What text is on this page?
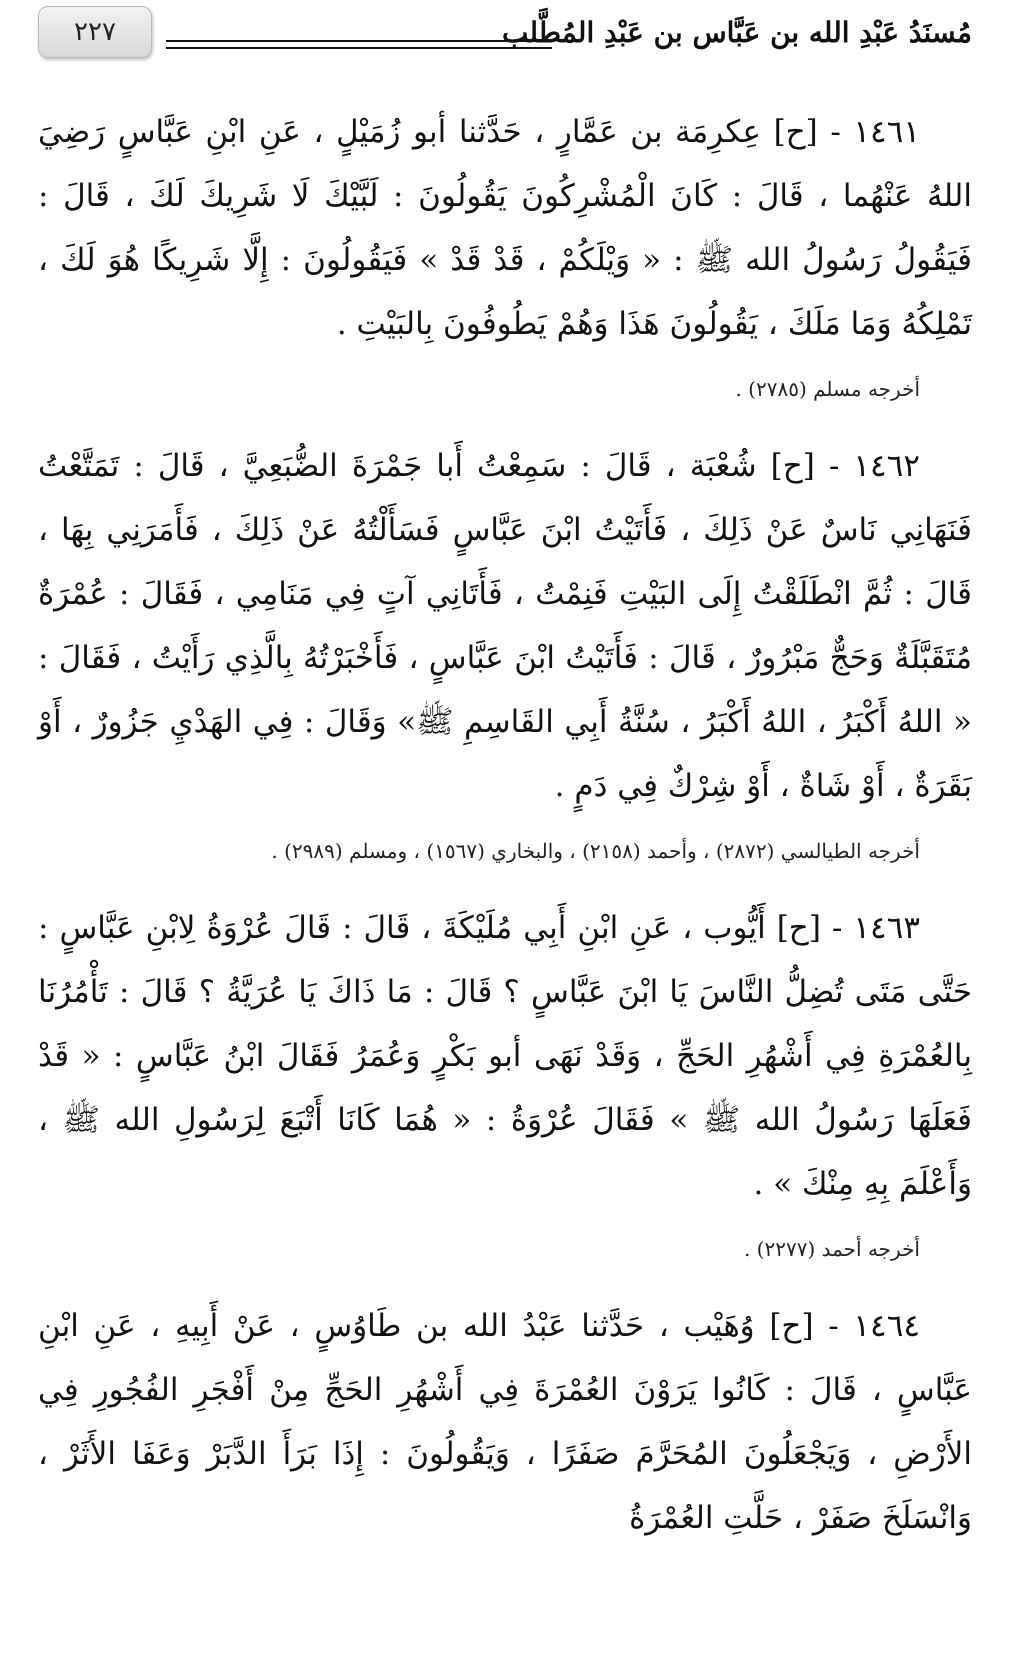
مُسنَدُ عَبْدِ الله بن عَبَّاس بن عَبْدِ المُطَّلب
٢٢٧

١٤٦١ - [ح] عِكرِمَة بن عَمَّارٍ ، حَدَّثنا أبو زُمَيْلٍ ، عَنِ ابْنِ عَبَّاسٍ رَضِيَ اللهُ عَنْهُما ، قَالَ : كَانَ الْمُشْرِكُونَ يَقُولُونَ : لَبَّيْكَ لَا شَرِيكَ لَكَ ، قَالَ : فَيَقُولُ رَسُولُ الله ﷺ : « وَيْلَكُمْ ، قَدْ قَدْ » فَيَقُولُونَ : إِلَّا شَرِيكًا هُوَ لَكَ ، تَمْلِكُهُ وَمَا مَلَكَ ، يَقُولُونَ هَذَا وَهُمْ يَطُوفُونَ بِالبَيْتِ .

أخرجه مسلم (٢٧٨٥) .

١٤٦٢ - [ح] شُعْبَة ، قَالَ : سَمِعْتُ أَبا جَمْرَةَ الضُّبَعِيَّ ، قَالَ : تَمَتَّعْتُ فَنَهَانِي نَاسٌ عَنْ ذَلِكَ ، فَأَتَيْتُ ابْنَ عَبَّاسٍ فَسَأَلْتُهُ عَنْ ذَلِكَ ، فَأَمَرَنِي بِهَا ، قَالَ : ثُمَّ انْطَلَقْتُ إِلَى البَيْتِ فَنِمْتُ ، فَأَتَانِي آتٍ فِي مَنَامِي ، فَقَالَ : عُمْرَةٌ مُتَقَبَّلَةٌ وَحَجٌّ مَبْرُورٌ ، قَالَ : فَأَتَيْتُ ابْنَ عَبَّاسٍ ، فَأَخْبَرْتُهُ بِالَّذِي رَأَيْتُ ، فَقَالَ : « اللهُ أَكْبَرُ ، اللهُ أَكْبَرُ ، سُنَّةُ أَبِي القَاسِمِ ﷺ» وَقَالَ : فِي الهَدْيِ جَزُورٌ ، أَوْ بَقَرَةٌ ، أَوْ شَاةٌ ، أَوْ شِرْكٌ فِي دَمٍ .

أخرجه الطيالسي (٢٨٧٢) ، وأحمد (٢١٥٨) ، والبخاري (١٥٦٧) ، ومسلم (٢٩٨٩) .

١٤٦٣ - [ح] أَيُّوب ، عَنِ ابْنِ أَبِي مُلَيْكَةَ ، قَالَ : قَالَ عُرْوَةُ لِابْنِ عَبَّاسٍ : حَتَّى مَتَى تُضِلُّ النَّاسَ يَا ابْنَ عَبَّاسٍ ؟ قَالَ : مَا ذَاكَ يَا عُرَيَّةُ ؟ قَالَ : تَأْمُرُنَا بِالعُمْرَةِ فِي أَشْهُرِ الحَجِّ ، وَقَدْ نَهَى أبو بَكْرٍ وَعُمَرُ فَقَالَ ابْنُ عَبَّاسٍ : « قَدْ فَعَلَهَا رَسُولُ الله ﷺ » فَقَالَ عُرْوَةُ : « هُمَا كَانَا أَتْبَعَ لِرَسُولِ الله ﷺ ، وَأَعْلَمَ بِهِ مِنْكَ » .

أخرجه أحمد (٢٢٧٧) .

١٤٦٤ - [ح] وُهَيْب ، حَدَّثنا عَبْدُ الله بن طَاوُسٍ ، عَنْ أَبِيهِ ، عَنِ ابْنِ عَبَّاسٍ ، قَالَ : كَانُوا يَرَوْنَ العُمْرَةَ فِي أَشْهُرِ الحَجِّ مِنْ أَفْجَرِ الفُجُورِ فِي الأَرْضِ ، وَيَجْعَلُونَ المُحَرَّمَ صَفَرًا ، وَيَقُولُونَ : إِذَا بَرَأَ الدَّبَرْ وَعَفَا الأَثَرْ ، وَانْسَلَخَ صَفَرْ ، حَلَّتِ العُمْرَةُ
